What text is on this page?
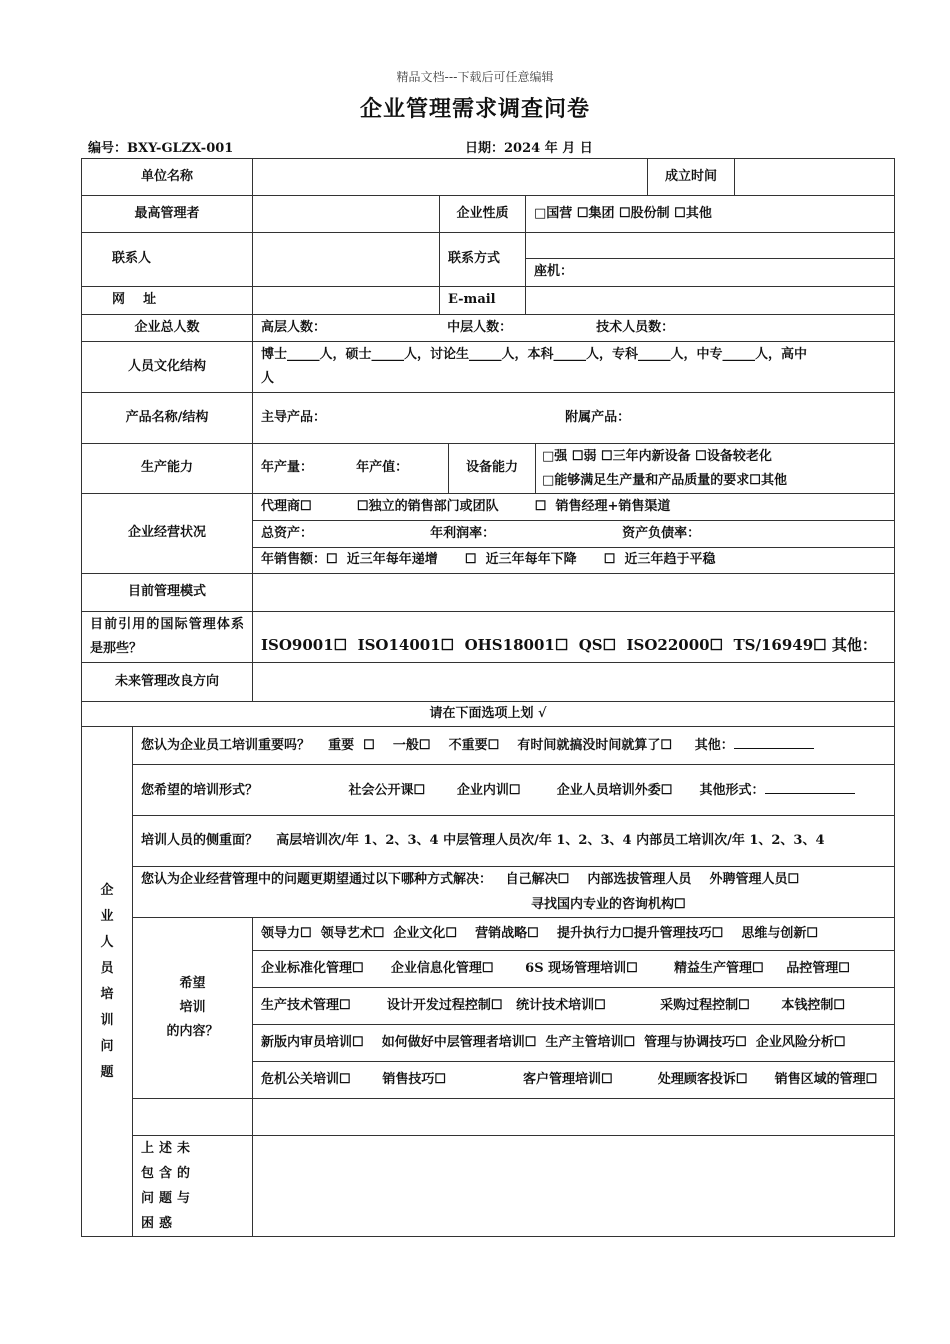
精品文档---下载后可任意编辑
企业管理需求调查问卷
编号：BXY-GLZX-001	日期：2024 年 月 日
单位名称							成立时间	
最高管理者			企业性质		□国营 ☐集团 ☐股份制 ☐其他			
联系人			联系方式					
					座机：			
网    址			E-mail					
企业总人数		高层人数： 中层人数： 技术人员数：						
人员文化结构		博士_____人，硕士_____人，讨论生_____人，本科_____人，专科_____人，中专_____人，高中
人						

产品名称/结构		主导产品： 附属产品：						
生产能力		年产量： 年产值：		设备能力		□强 ☐弱 ☐三年内新设备 ☐设备较老化
□能够满足生产量和产品质量的要求☐其他		

企业经营状况		代理商☐          ☐独立的销售部门或团队        ☐  销售经理+销售渠道						
		总资产： 年利润率： 资产负债率：						
		年销售额：☐  近三年每年递增      ☐  近三年每年下降      ☐  近三年趋于平稳						
目前管理模式								

目前引用的国际管理体系是那些？		ISO9001☐  ISO14001☐  OHS18001☐  QS☐  ISO22000☐  TS/16949☐ 其他：						
未来管理改良方向								
请在下面选项上划 √								

企业人员培训问题	您认为企业员工培训重要吗？    重要  ☐    一般☐    不重要☐    有时间就搞没时间就算了☐     其他：							
	您希望的培训形式？                    社会公开课☐       企业内训☐        企业人员培训外委☐      其他形式：							
	培训人员的侧重面？    高层培训次/年 1、2、3、4 中层管理人员次/年 1、2、3、4 内部员工培训次/年 1、2、3、4							

	您认为企业经营管理中的问题更期望通过以下哪种方式解决：   自己解决☐    内部选拔管理人员    外聘管理人员☐
寻找国内专业的咨询机构☐							

	希望
培训
的内容？	领导力☐  领导艺术☐  企业文化☐    营销战略☐    提升执行力☐提升管理技巧☐    思维与创新☐						
		企业标准化管理☐      企业信息化管理☐       6S 现场管理培训☐        精益生产管理☐     品控管理☐						
		生产技术管理☐        设计开发过程控制☐   统计技术培训☐            采购过程控制☐       本钱控制☐						
		新版内审员培训☐    如何做好中层管理者培训☐  生产主管培训☐  管理与协调技巧☐  企业风险分析☐						
		危机公关培训☐       销售技巧☐                 客户管理培训☐          处理顾客投诉☐      销售区域的管理☐						

	上述未包含的问题与困惑							
